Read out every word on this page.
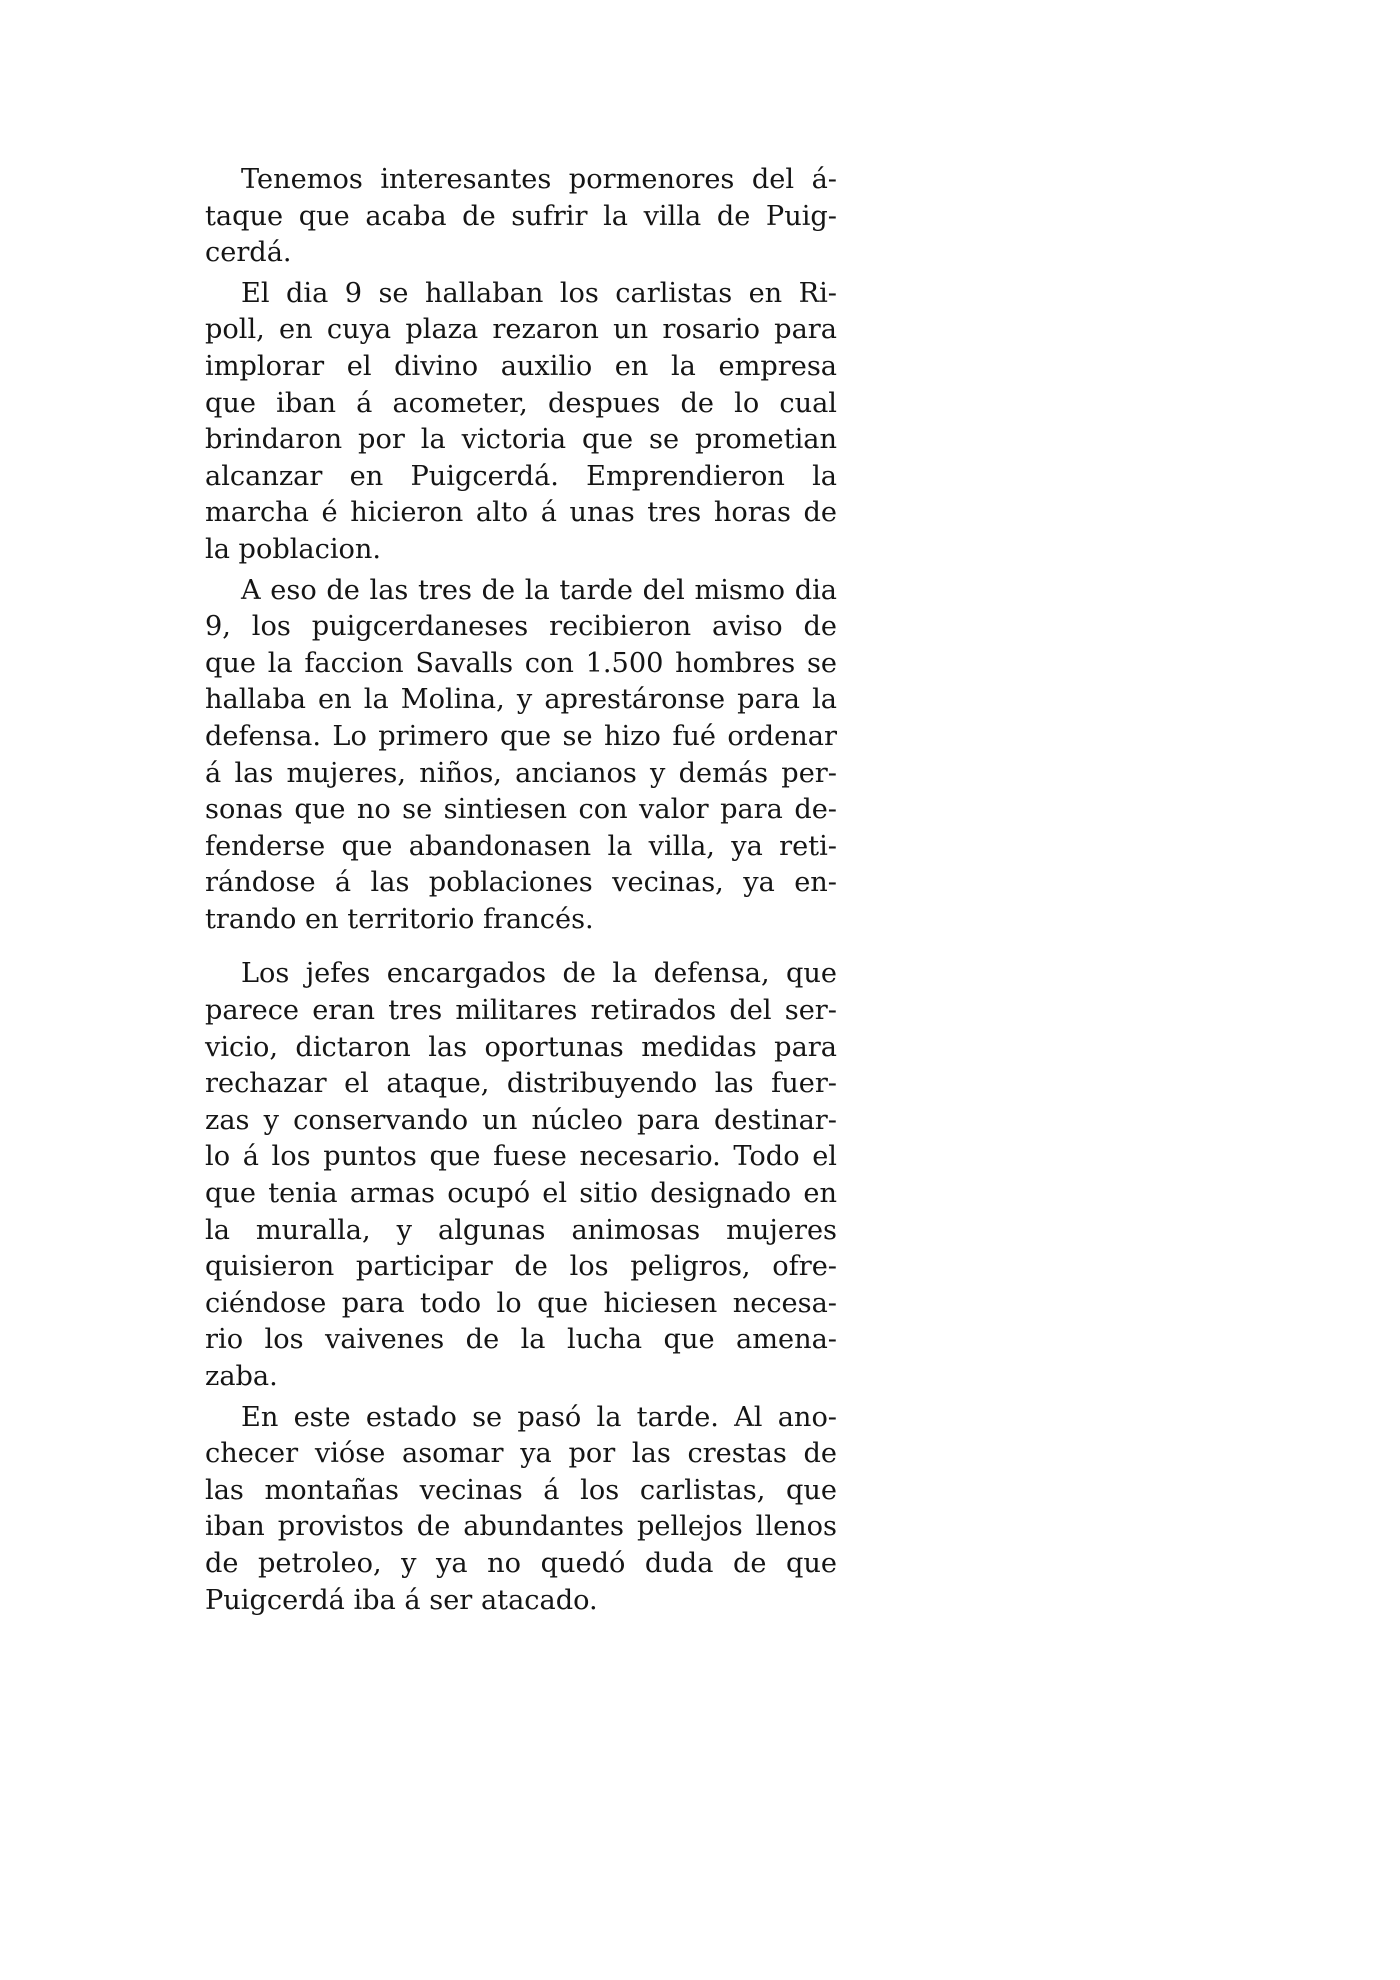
Tenemos interesantes pormenores del á-
taque que acaba de sufrir la villa de Puig-
cerdá.

El dia 9 se hallaban los carlistas en Ri-
poll, en cuya plaza rezaron un rosario para
implorar el divino auxilio en la empresa
que iban á acometer, despues de lo cual
brindaron por la victoria que se prometian
alcanzar en Puigcerdá. Emprendieron la
marcha é hicieron alto á unas tres horas de
la poblacion.

A eso de las tres de la tarde del mismo dia
9, los puigcerdaneses recibieron aviso de
que la faccion Savalls con 1.500 hombres se
hallaba en la Molina, y aprestáronse para la
defensa. Lo primero que se hizo fué ordenar
á las mujeres, niños, ancianos y demás per-
sonas que no se sintiesen con valor para de-
fenderse que abandonasen la villa, ya reti-
rándose á las poblaciones vecinas, ya en-
trando en territorio francés.

Los jefes encargados de la defensa, que
parece eran tres militares retirados del ser-
vicio, dictaron las oportunas medidas para
rechazar el ataque, distribuyendo las fuer-
zas y conservando un núcleo para destinar-
lo á los puntos que fuese necesario. Todo el
que tenia armas ocupó el sitio designado en
la muralla, y algunas animosas mujeres
quisieron participar de los peligros, ofre-
ciéndose para todo lo que hiciesen necesa-
rio los vaivenes de la lucha que amena-
zaba.

En este estado se pasó la tarde. Al ano-
checer vióse asomar ya por las crestas de
las montañas vecinas á los carlistas, que
iban provistos de abundantes pellejos llenos
de petroleo, y ya no quedó duda de que
Puigcerdá iba á ser atacado.
